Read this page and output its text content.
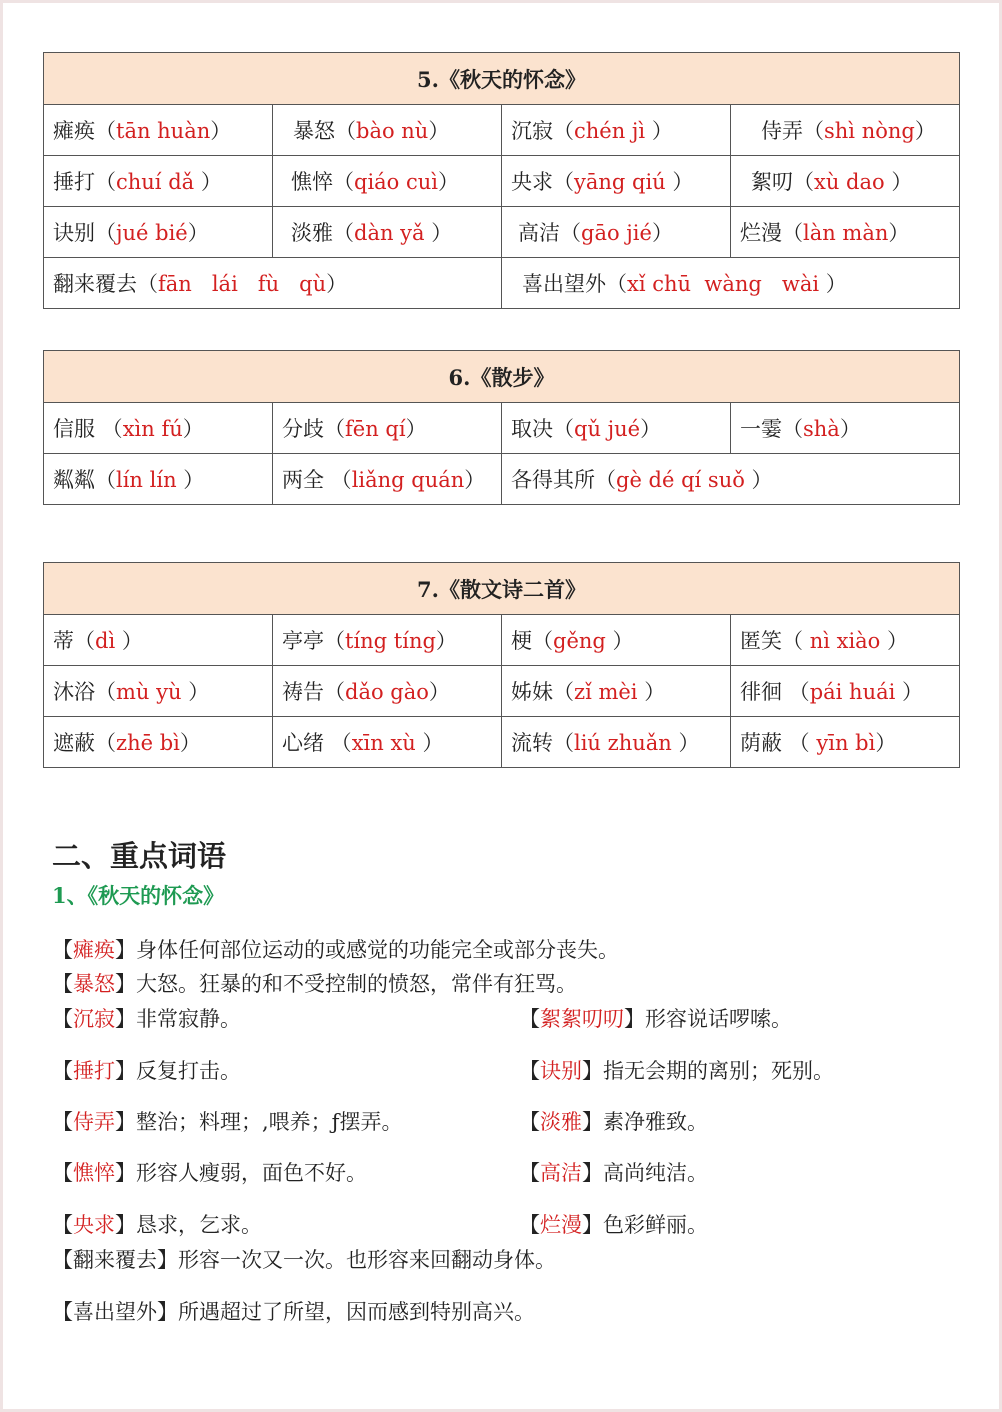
5.《秋天的怀念》			
瘫痪（tān huàn）	暴怒（bào nù）	沉寂（chén jì ）	侍弄（shì nòng）
捶打（chuí dǎ ）	憔悴（qiáo cuì）	央求（yāng qiú ）	絮叨（xù dao ）
诀别（jué bié）	淡雅（dàn yǎ ）	高洁（gāo jié）	烂漫（làn màn）
翻来覆去（fān   lái   fù   qù）		喜出望外（xǐ chū  wàng   wài ）	
6.《散步》			
信服 （xìn fú）	分歧（fēn qí）	取决（qǔ jué）	一霎（shà）
粼粼（lín lín ）	两全 （liǎng quán）	各得其所（gè dé qí suǒ ）	
7.《散文诗二首》			
蒂（dì ）	亭亭（tíng tíng）	梗（gěng ）	匿笑（ nì xiào ）
沐浴（mù yù ）	祷告（dǎo gào）	姊妹（zǐ mèi ）	徘徊 （pái huái ）
遮蔽（zhē bì）	心绪 （xīn xù ）	流转（liú zhuǎn ）	荫蔽 （ yīn bì）
二、重点词语
1、《秋天的怀念》
【瘫痪】身体任何部位运动的或感觉的功能完全或部分丧失。
【暴怒】大怒。狂暴的和不受控制的愤怒，常伴有狂骂。
【沉寂】非常寂静。	【絮絮叨叨】形容说话啰嗦。
【捶打】反复打击。	【诀别】指无会期的离别；死别。
【侍弄】整治；料理；,喂养；ƒ摆弄。	【淡雅】素净雅致。
【憔悴】形容人瘦弱，面色不好。	【高洁】高尚纯洁。
【央求】恳求，乞求。	【烂漫】色彩鲜丽。
【翻来覆去】形容一次又一次。也形容来回翻动身体。
【喜出望外】所遇超过了所望，因而感到特别高兴。
